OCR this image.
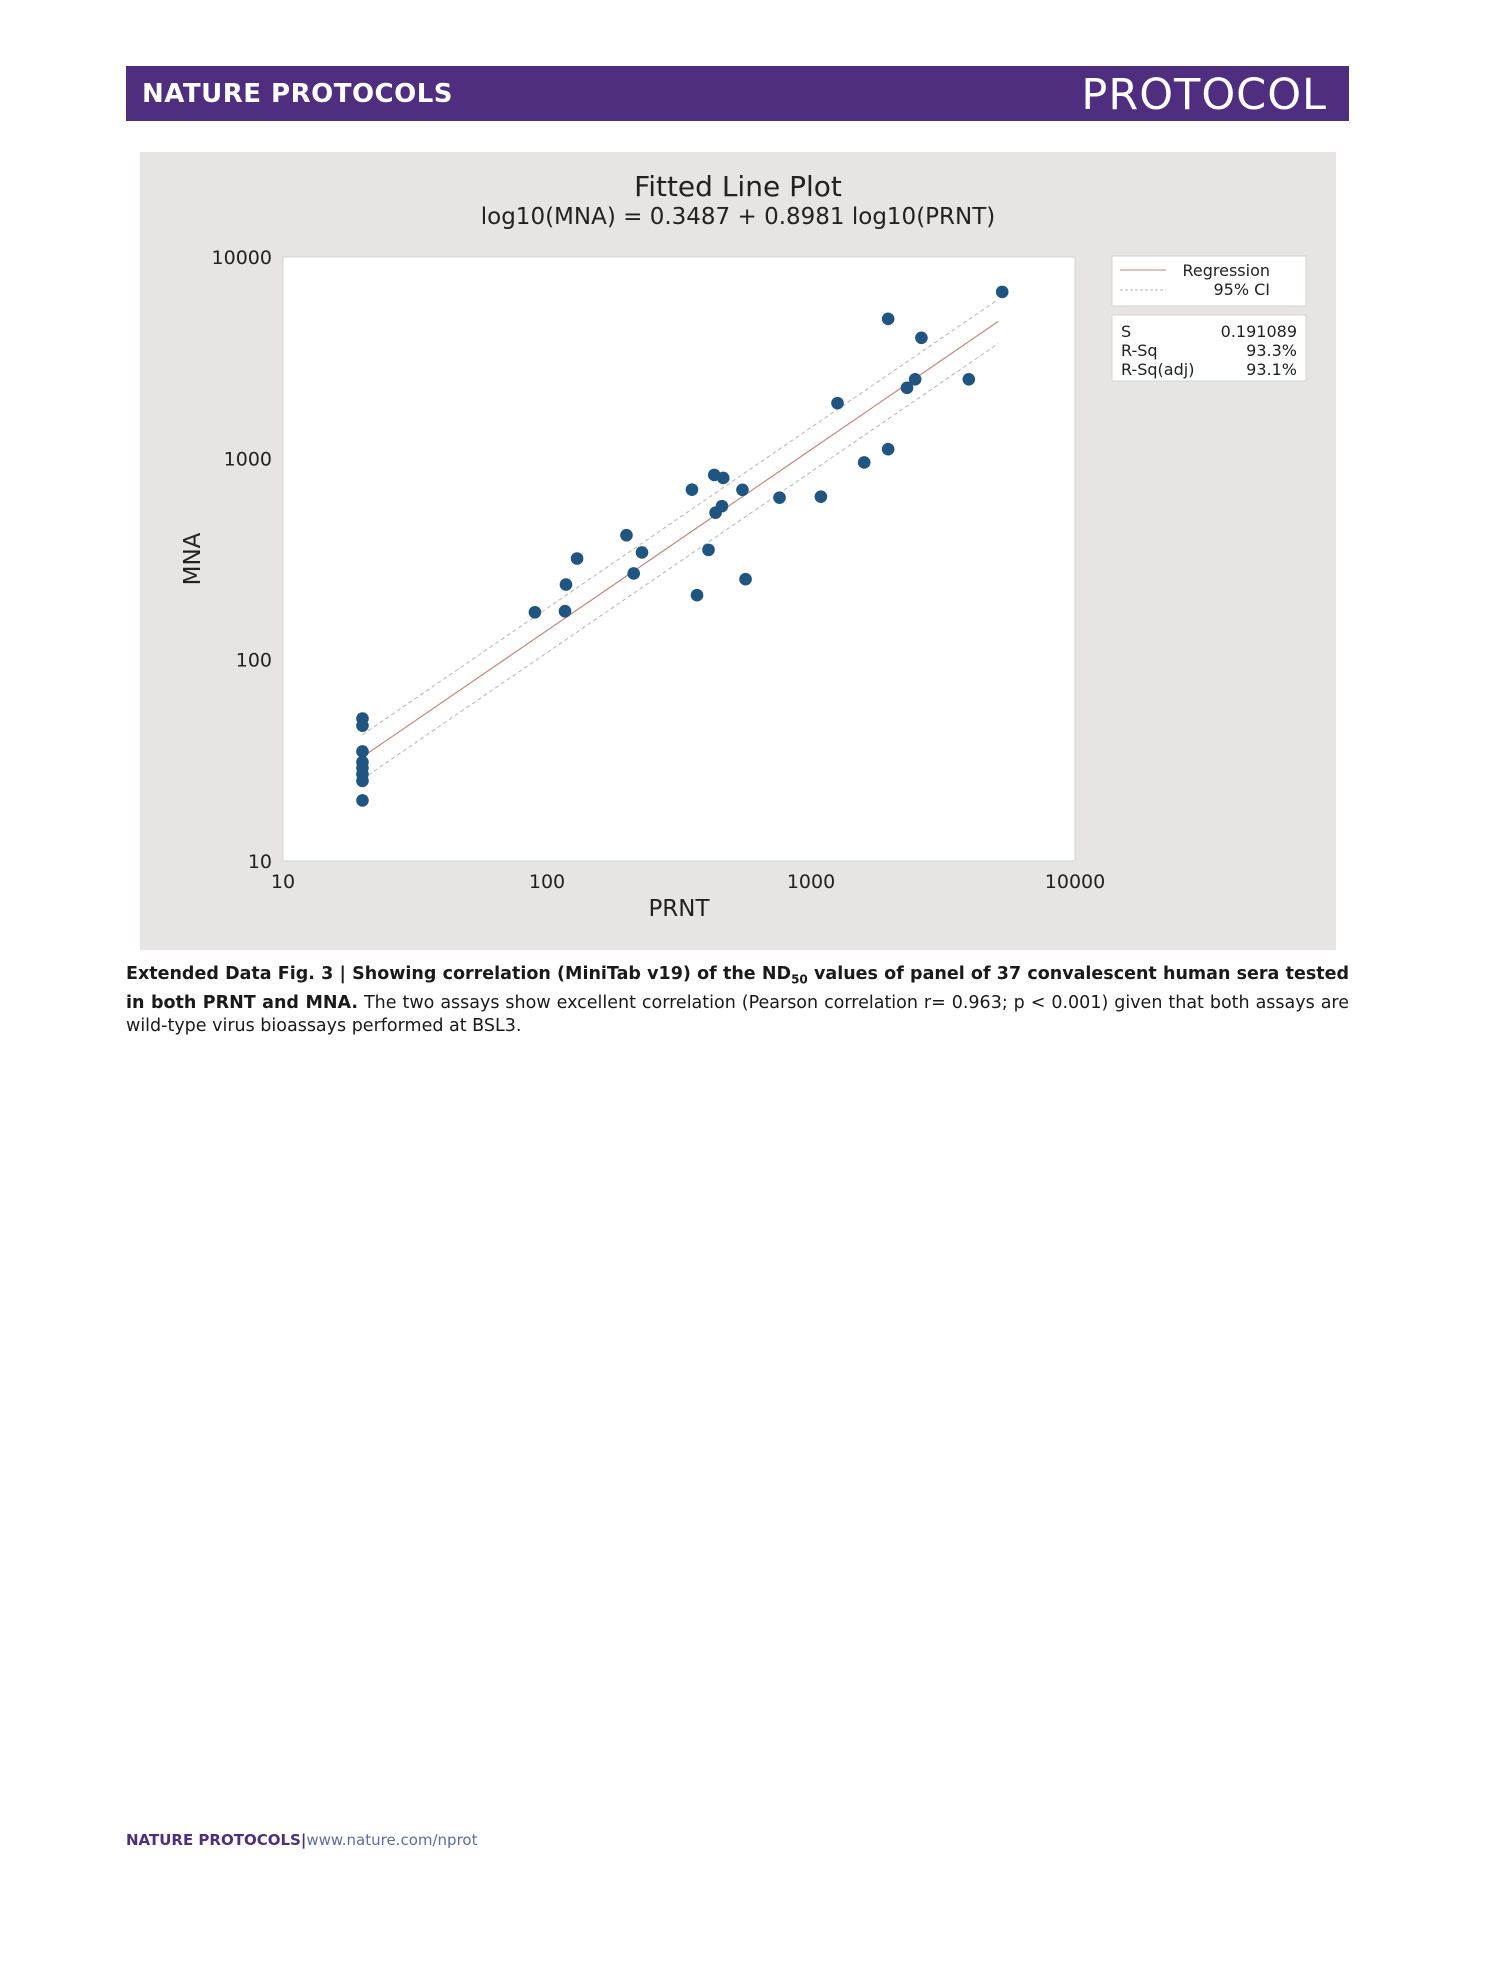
NATURE PROTOCOLS	PROTOCOL
Fitted Line Plot
log10(MNA) = 0.3487 + 0.8981 log10(PRNT)
10
100
1000
10000
10	100	1000	10000
PRNT
MNA
Regression
95% CI
S	0.191089
R-Sq	93.3%
R-Sq(adj)	93.1%
Extended Data Fig. 3 | Showing correlation (MiniTab v19) of the $ND_{50}$ values of panel of 37 convalescent human sera tested in both PRNT and MNA. The two assays show excellent correlation (Pearson correlation r= 0.963; p < 0.001) given that both assays are wild-type virus bioassays performed at BSL3.
NATURE PROTOCOLS|www.nature.com/nprot
